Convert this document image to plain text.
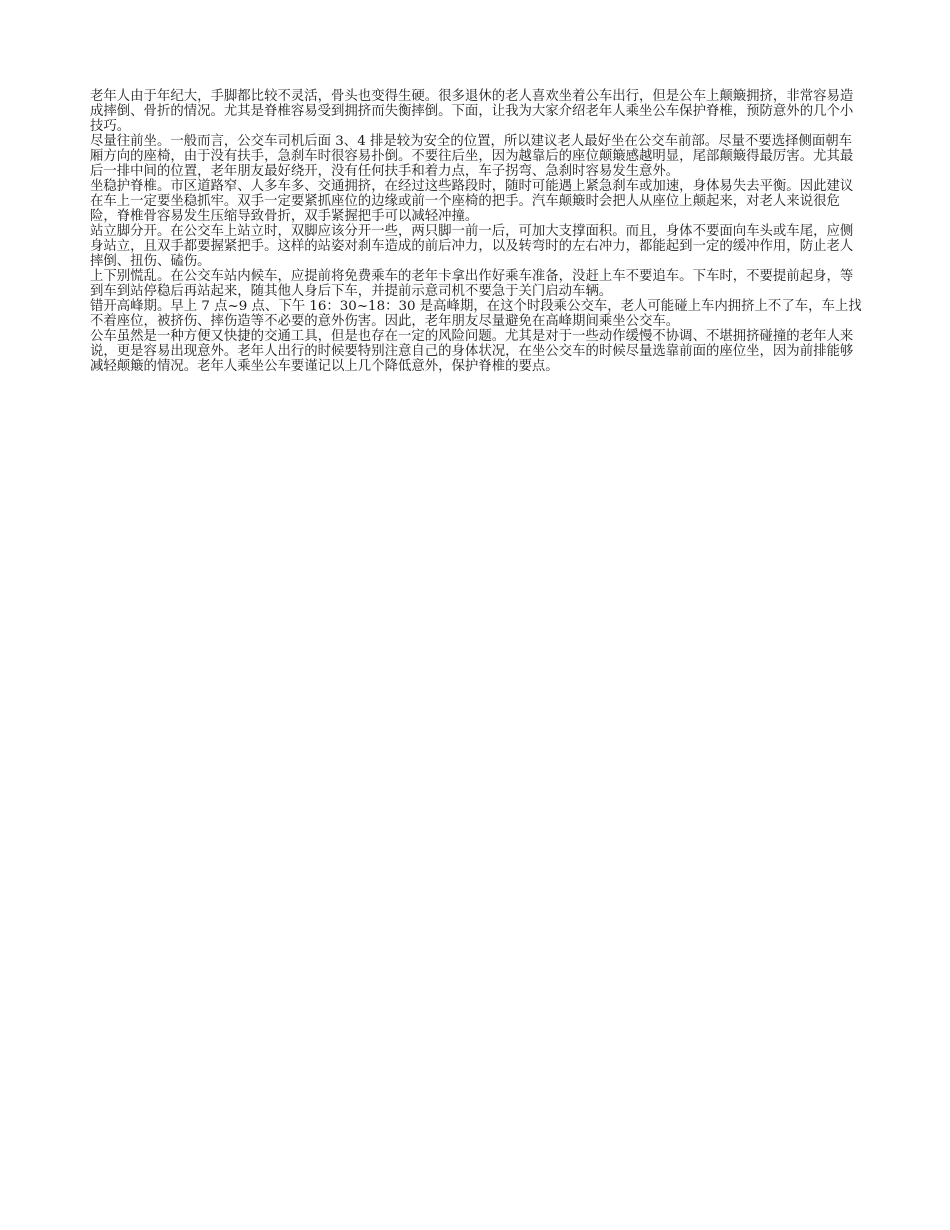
老年人由于年纪大，手脚都比较不灵活，骨头也变得生硬。很多退休的老人喜欢坐着公车出行，但是公车上颠簸拥挤，非常容易造成摔倒、骨折的情况。尤其是脊椎容易受到拥挤而失衡摔倒。下面，让我为大家介绍老年人乘坐公车保护脊椎，预防意外的几个小技巧。

尽量往前坐。一般而言，公交车司机后面 3、4 排是较为安全的位置，所以建议老人最好坐在公交车前部。尽量不要选择侧面朝车厢方向的座椅，由于没有扶手，急刹车时很容易扑倒。不要往后坐，因为越靠后的座位颠簸感越明显，尾部颠簸得最厉害。尤其最后一排中间的位置，老年朋友最好绕开，没有任何扶手和着力点，车子拐弯、急刹时容易发生意外。

坐稳护脊椎。市区道路窄、人多车多、交通拥挤，在经过这些路段时，随时可能遇上紧急刹车或加速，身体易失去平衡。因此建议在车上一定要坐稳抓牢。双手一定要紧抓座位的边缘或前一个座椅的把手。汽车颠簸时会把人从座位上颠起来，对老人来说很危险，脊椎骨容易发生压缩导致骨折，双手紧握把手可以减轻冲撞。

站立脚分开。在公交车上站立时，双脚应该分开一些，两只脚一前一后，可加大支撑面积。而且，身体不要面向车头或车尾，应侧身站立，且双手都要握紧把手。这样的站姿对刹车造成的前后冲力，以及转弯时的左右冲力，都能起到一定的缓冲作用，防止老人摔倒、扭伤、磕伤。

上下别慌乱。在公交车站内候车，应提前将免费乘车的老年卡拿出作好乘车准备，没赶上车不要追车。下车时，不要提前起身，等到车到站停稳后再站起来，随其他人身后下车，并提前示意司机不要急于关门启动车辆。

错开高峰期。早上 7 点~9 点、下午 16：30~18：30 是高峰期，在这个时段乘公交车，老人可能碰上车内拥挤上不了车，车上找不着座位，被挤伤、摔伤造等不必要的意外伤害。因此，老年朋友尽量避免在高峰期间乘坐公交车。

公车虽然是一种方便又快捷的交通工具，但是也存在一定的风险问题。尤其是对于一些动作缓慢不协调、不堪拥挤碰撞的老年人来说，更是容易出现意外。老年人出行的时候要特别注意自己的身体状况，在坐公交车的时候尽量选靠前面的座位坐，因为前排能够减轻颠簸的情况。老年人乘坐公车要谨记以上几个降低意外，保护脊椎的要点。
